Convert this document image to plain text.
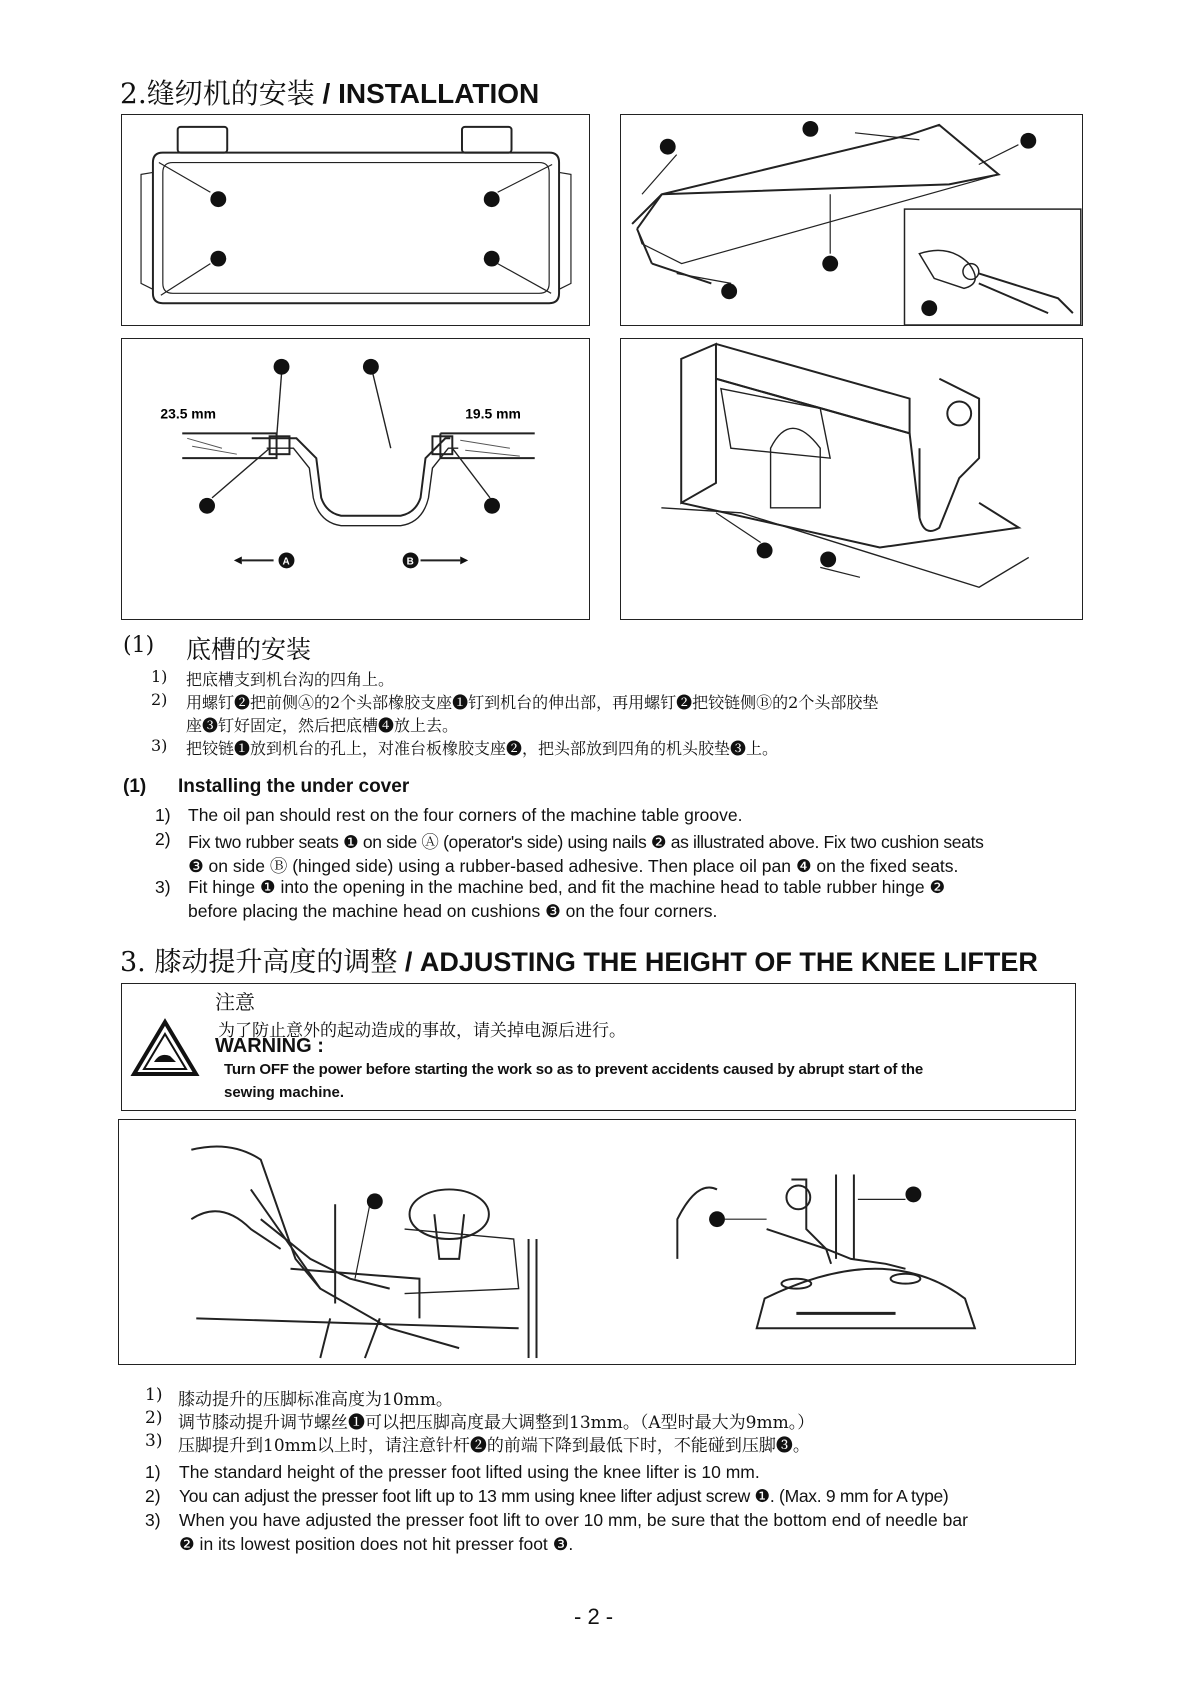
2.缝纫机的安装 / INSTALLATION
23.5 mm	19.5 mm
A	B
(1) 底槽的安装
1) 把底槽支到机台沟的四角上。
2) 用螺钉❷把前侧Ⓐ的2个头部橡胶支座❶钉到机台的伸出部，再用螺钉❷把铰链侧Ⓑ的2个头部胶垫
座❸钉好固定，然后把底槽❹放上去。
3) 把铰链❶放到机台的孔上，对准台板橡胶支座❷，把头部放到四角的机头胶垫❸上。
(1) Installing the under cover
1) The oil pan should rest on the four corners of the machine table groove.
2) Fix two rubber seats ❶ on side Ⓐ (operator's side) using nails ❷ as illustrated above. Fix two cushion seats
❸ on side Ⓑ (hinged side) using a rubber-based adhesive. Then place oil pan ❹ on the fixed seats.
3) Fit hinge ❶ into the opening in the machine bed, and fit the machine head to table rubber hinge ❷
before placing the machine head on cushions ❸ on the four corners.
3. 膝动提升高度的调整 / ADJUSTING THE HEIGHT OF THE KNEE LIFTER
注意
为了防止意外的起动造成的事故，请关掉电源后进行。
WARNING :
Turn OFF the power before starting the work so as to prevent accidents caused by abrupt start of the
sewing machine.
1) 膝动提升的压脚标准高度为10mm。
2) 调节膝动提升调节螺丝❶可以把压脚高度最大调整到13mm。（A型时最大为9mm。）
3) 压脚提升到10mm以上时，请注意针杆❷的前端下降到最低下时，不能碰到压脚❸。
1) The standard height of the presser foot lifted using the knee lifter is 10 mm.
2) You can adjust the presser foot lift up to 13 mm using knee lifter adjust screw ❶. (Max. 9 mm for A type)
3) When you have adjusted the presser foot lift to over 10 mm, be sure that the bottom end of needle bar
❷ in its lowest position does not hit presser foot ❸.
- 2 -
